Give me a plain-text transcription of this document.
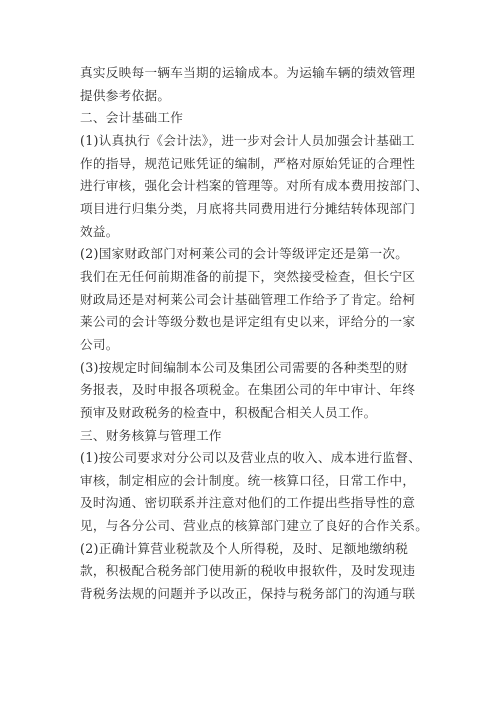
真实反映每一辆车当期的运输成本。为运输车辆的绩效管理
提供参考依据。
二、会计基础工作
(1)认真执行《会计法》，进一步对会计人员加强会计基础工
作的指导，规范记账凭证的编制，严格对原始凭证的合理性
进行审核，强化会计档案的管理等。对所有成本费用按部门、
项目进行归集分类，月底将共同费用进行分摊结转体现部门
效益。
(2)国家财政部门对柯莱公司的会计等级评定还是第一次。
我们在无任何前期准备的前提下，突然接受检查，但长宁区
财政局还是对柯莱公司会计基础管理工作给予了肯定。给柯
莱公司的会计等级分数也是评定组有史以来，评给分的一家
公司。
(3)按规定时间编制本公司及集团公司需要的各种类型的财
务报表，及时申报各项税金。在集团公司的年中审计、年终
预审及财政税务的检查中，积极配合相关人员工作。
三、财务核算与管理工作
(1)按公司要求对分公司以及营业点的收入、成本进行监督、
审核，制定相应的会计制度。统一核算口径，日常工作中，
及时沟通、密切联系并注意对他们的工作提出些指导性的意
见，与各分公司、营业点的核算部门建立了良好的合作关系。
(2)正确计算营业税款及个人所得税，及时、足额地缴纳税
款，积极配合税务部门使用新的税收申报软件，及时发现违
背税务法规的问题并予以改正，保持与税务部门的沟通与联
